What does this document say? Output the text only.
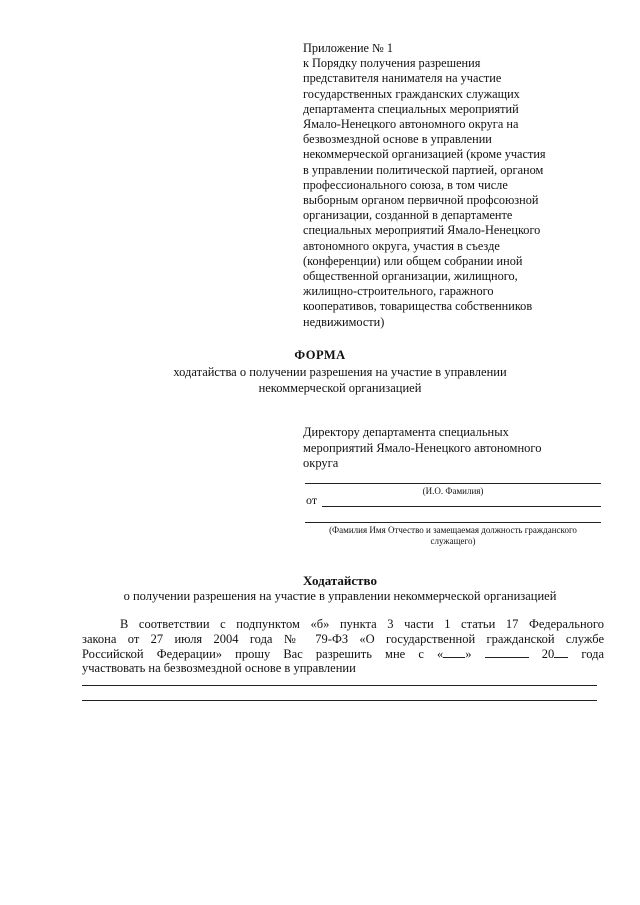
Приложение № 1
к Порядку получения разрешения
представителя нанимателя на участие
государственных гражданских служащих
департамента специальных мероприятий
Ямало-Ненецкого автономного округа на
безвозмездной основе в управлении
некоммерческой организацией (кроме участия
в управлении политической партией, органом
профессионального союза, в том числе
выборным органом первичной профсоюзной
организации, созданной в департаменте
специальных мероприятий Ямало-Ненецкого
автономного округа, участия в съезде
(конференции) или общем собрании иной
общественной организации, жилищного,
жилищно-строительного, гаражного
кооперативов, товарищества собственников
недвижимости)
ФОРМА
ходатайства о получении разрешения на участие в управлении
некоммерческой организацией
Директору департамента специальных
мероприятий Ямало-Ненецкого автономного
округа
(И.О. Фамилия)
от
(Фамилия Имя Отчество и замещаемая должность гражданского
служащего)
Ходатайство
о получении разрешения на участие в управлении некоммерческой организацией
В соответствии с подпунктом «б» пункта 3 части 1 статьи 17 Федерального
закона от 27 июля 2004 года № 79-ФЗ «О государственной гражданской службе
Российской Федерации» прошу Вас разрешить мне с « »	20 года
участвовать на безвозмездной основе в управлении
